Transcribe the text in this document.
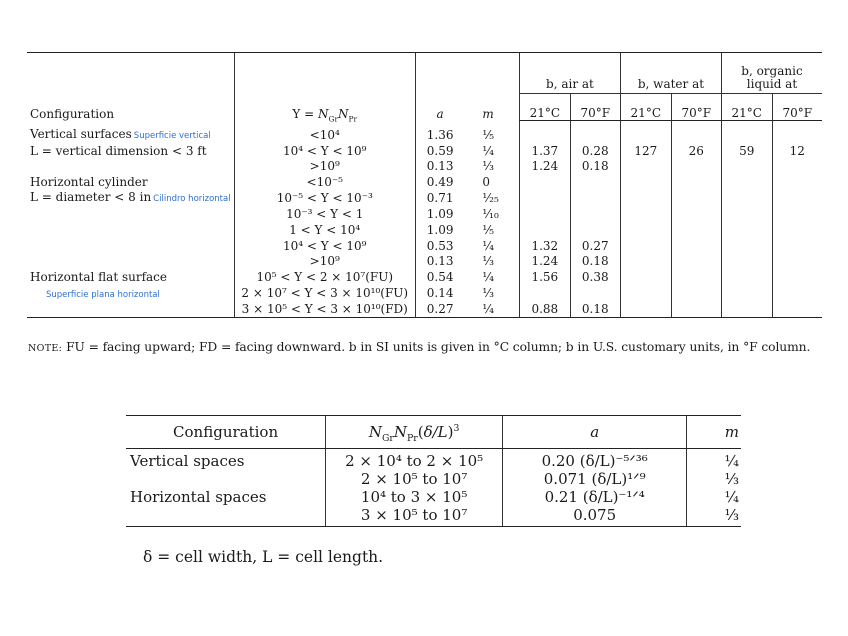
Configuration	$Y = N_{Gr}N_{Pr}$	a	m	b, air at		b, water at		b, organic liquid at	
				21°C	70°F	21°C	70°F	21°C	70°F
Vertical surfaces Superficie vertical	<10⁴	1.36	⅕						
L = vertical dimension < 3 ft	10⁴ < Y < 10⁹	0.59	¼	1.37	0.28	127	26	59	12
	>10⁹	0.13	⅓	1.24	0.18				
Horizontal cylinder	<10⁻⁵	0.49	0						
L = diameter < 8 in Cilindro horizontal	10⁻⁵ < Y < 10⁻³	0.71	¹⁄₂₅						
	10⁻³ < Y < 1	1.09	¹⁄₁₀						
	1 < Y < 10⁴	1.09	⅕						
	10⁴ < Y < 10⁹	0.53	¼	1.32	0.27				
	>10⁹	0.13	⅓	1.24	0.18				
Horizontal flat surface	10⁵ < Y < 2 × 10⁷(FU)	0.54	¼	1.56	0.38				
Superficie plana horizontal	2 × 10⁷ < Y < 3 × 10¹⁰(FU)	0.14	⅓						
	3 × 10⁵ < Y < 3 × 10¹⁰(FD)	0.27	¼	0.88	0.18				
NOTE: FU = facing upward; FD = facing downward. b in SI units is given in °C column; b in U.S. customary units, in °F column.
Configuration	$N_{Gr}N_{Pr}(\delta/L)^3$	a	m
Vertical spaces	2 × 10⁴ to 2 × 10⁵	0.20 (δ/L)⁻⁵ᐟ³⁶	¼
	2 × 10⁵ to 10⁷	0.071 (δ/L)¹ᐟ⁹	⅓
Horizontal spaces	10⁴ to 3 × 10⁵	0.21 (δ/L)⁻¹ᐟ⁴	¼
	3 × 10⁵ to 10⁷	0.075	⅓
δ = cell width, L = cell length.
